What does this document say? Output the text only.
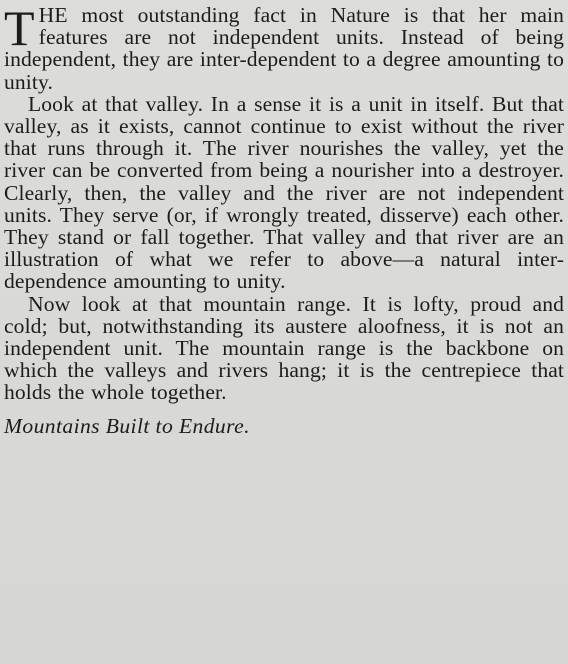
THE most outstanding fact in Nature is that her main features are not independent units. Instead of being independent, they are inter-dependent to a degree amounting to unity.

Look at that valley. In a sense it is a unit in itself. But that valley, as it exists, cannot continue to exist without the river that runs through it. The river nourishes the valley, yet the river can be converted from being a nourisher into a destroyer. Clearly, then, the valley and the river are not independent units. They serve (or, if wrongly treated, disserve) each other. They stand or fall together. That valley and that river are an illustration of what we refer to above—a natural inter-dependence amounting to unity.

Now look at that mountain range. It is lofty, proud and cold; but, notwithstanding its austere aloofness, it is not an independent unit. The mountain range is the backbone on which the valleys and rivers hang; it is the centrepiece that holds the whole together.

Mountains Built to Endure.
